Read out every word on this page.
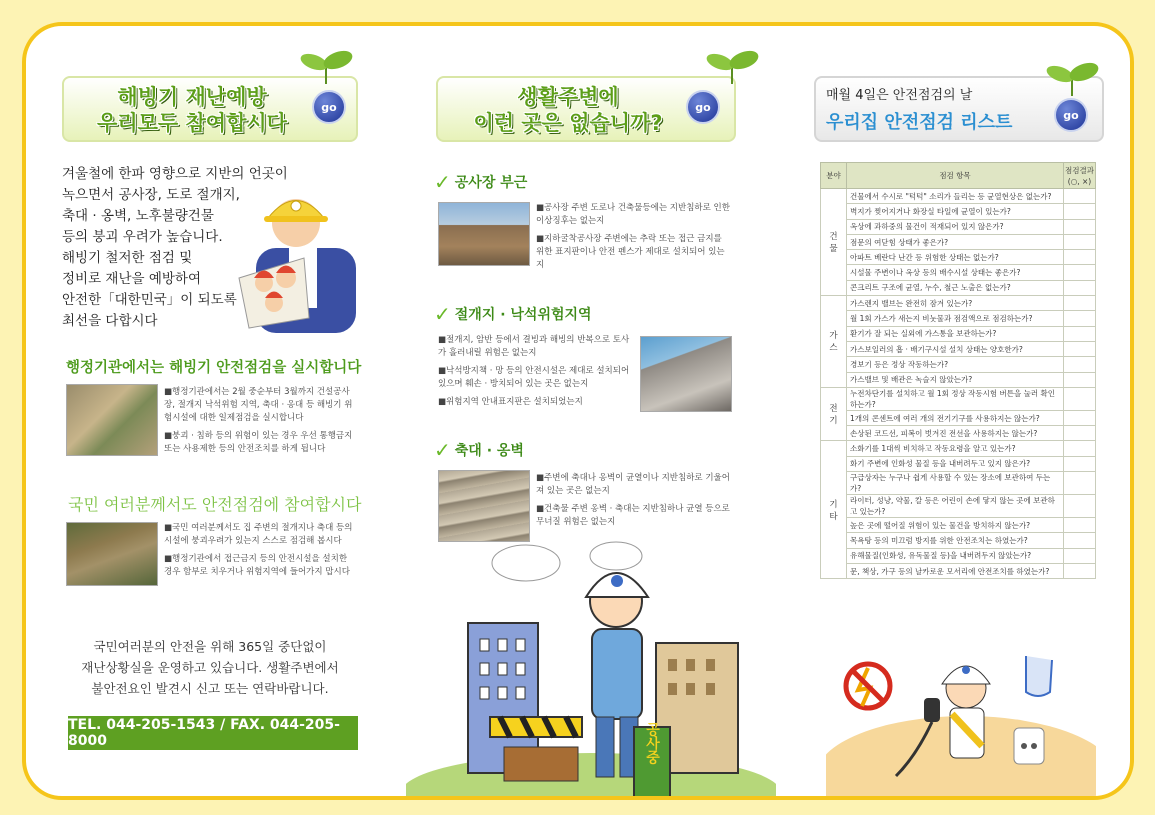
해빙기 재난예방
우리모두 참여합시다
go
겨울철에 한파 영향으로 지반의 언곳이
녹으면서 공사장, 도로 절개지,
축대 · 옹벽, 노후불량건물
등의 붕괴 우려가 높습니다.
해빙기 철저한 점검 및
정비로 재난을 예방하여
안전한「대한민국」이 되도록
최선을 다합시다
행정기관에서는 해빙기 안전점검을 실시합니다

■행정기관에서는 2월 중순부터 3월까지 건설공사장, 절개지 낙석위험 지역, 축대 · 옹대 등 해빙기 위험시설에 대한 일제점검을 실시합니다

■붕괴 · 침하 등의 위험이 있는 경우 우선 통행금지 또는 사용제한 등의 안전조치를 하게 됩니다

국민 여러분께서도 안전점검에 참여합시다

■국민 여러분께서도 집 주변의 절개지나 축대 등의 시설에 붕괴우려가 있는지 스스로 점검해 봅시다

■행정기관에서 접근금지 등의 안전시설을 설치한 경우 함부로 치우거나 위험지역에 들어가지 맙시다

국민여러분의 안전을 위해 365일 중단없이
재난상황실을 운영하고 있습니다. 생활주변에서
불안전요인 발견시 신고 또는 연락바랍니다.
TEL. 044-205-1543 / FAX. 044-205-8000
생활주변에
이런 곳은 없습니까?
go
✓ 공사장 부근

■공사장 주변 도로나 건축물등에는 지반침하로 인한 이상징후는 없는지

■지하굴착공사장 주변에는 추락 또는 접근 금지를 위한 표지판이나 안전 펜스가 제대로 설치되어 있는지

✓ 절개지 · 낙석위험지역

■절개지, 암반 등에서 결빙과 해빙의 반복으로 토사가 흘러내릴 위험은 없는지

■낙석방지책 · 망 등의 안전시설은 제대로 설치되어 있으며 훼손 · 방치되어 있는 곳은 없는지

■위험지역 안내표지판은 설치되었는지

✓ 축대 · 옹벽

■주변에 축대나 옹벽이 균열이나 지반침하로 기울어져 있는 곳은 없는지

■건축물 주변 옹벽 · 축대는 지반침하나 균열 등으로 무너질 위험은 없는지

공사중
매월 4일은 안전점검의 날
우리집 안전점검 리스트	go
분야	점검 항목	점검결과
(○, ×)
건 물	건물에서 수시로 "턱턱" 소리가 들리는 등 균열현상은 없는가?	
	벽지가 찢어지거나 화장실 타일에 균열이 있는가?	
	옥상에 과하중의 물건이 적재되어 있지 않은가?	
	점문의 여닫힘 상태가 좋은가?	
	아파트 베란다 난간 등 위험한 상태는 없는가?	
	시설물 주변이나 옥상 등의 배수시설 상태는 좋은가?	
	콘크리트 구조에 균열, 누수, 철근 노출은 없는가?	
가 스	가스렌지 밸브는 완전히 잠겨 있는가?	
	월 1회 가스가 새는지 비눗물과 점검액으로 점검하는가?	
	환기가 잘 되는 실외에 가스통을 보관하는가?	
	가스보일러의 흡 · 배기구시설 설치 상태는 양호한가?	
	경보기 등은 정상 작동하는가?	
	가스밸브 및 배관은 녹슬지 않았는가?	
전 기	누전차단기를 설치하고 월 1회 정상 작동시험 버튼을 눌러 확인하는가?	
	1개의 콘센트에 여러 개의 전기기구를 사용하지는 않는가?	
	손상된 코드선, 피복이 벗겨진 전선을 사용하지는 않는가?	
기 타	소화기를 1대씩 비치하고 작동요령을 알고 있는가?	
	화기 주변에 인화성 물질 등을 내버려두고 있지 않은가?	
	구급상자는 누구나 쉽게 사용할 수 있는 장소에 보관하여 두는가?	
	라이터, 성냥, 약물, 칼 등은 어린이 손에 닿지 않는 곳에 보관하고 있는가?	
	높은 곳에 떨어질 위험이 있는 물건을 방치하지 않는가?	
	목욕탕 등의 미끄럼 방지를 위한 안전조치는 하였는가?	
	유해물질(인화성, 유독물질 등)을 내버려두지 않았는가?	
	문, 책상, 가구 등의 날카로운 모서리에 안전조치를 하였는가?	
